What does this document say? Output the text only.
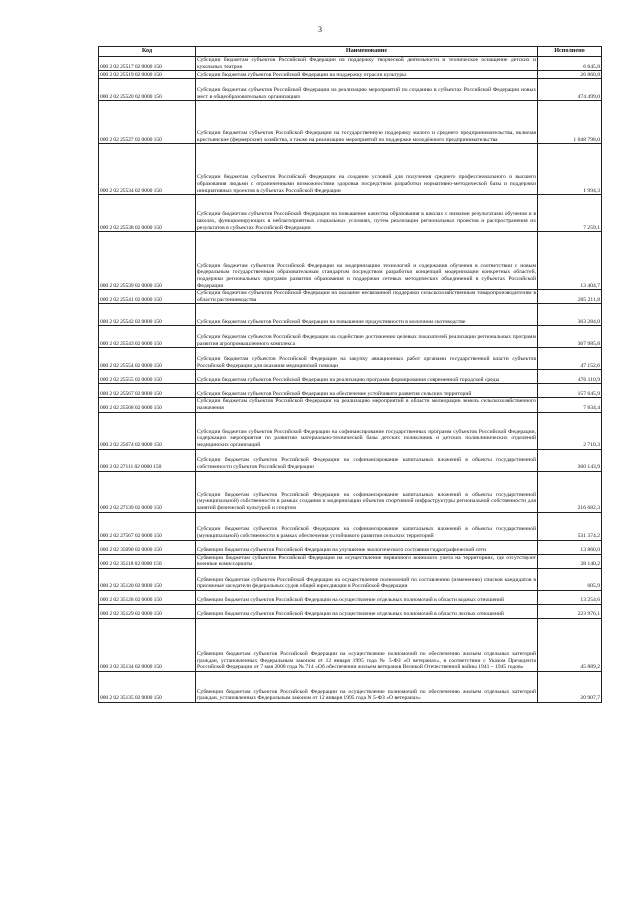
3
Код	Наименование	Исполнено
000 2 02 25517 02 0000 150	Субсидии бюджетам субъектов Российской Федерации на поддержку творческой деятельности и техническое оснащение детских и кукольных театров	6 645,8
000 2 02 25519 02 0000 150	Субсидии бюджетам субъектов Российской Федерации на поддержку отрасли культуры	26 860,8
000 2 02 25520 02 0000 150	Субсидии бюджетам субъектов Российской Федерации на реализацию мероприятий по созданию в субъектах Российской Федерации новых мест в общеобразовательных организациях	474 499,0
000 2 02 25527 02 0000 150	Субсидии бюджетам субъектов Российской Федерации на государственную поддержку малого и среднего предпринимательства, включая крестьянские (фермерские) хозяйства, а также на реализацию мероприятий по поддержке молодёжного предпринимательства	1 048 798,0
000 2 02 25534 02 0000 150	Субсидии бюджетам субъектов Российской Федерации на создание условий для получения среднего профессионального и высшего образования людьми с ограниченными возможностями здоровья посредством разработки нормативно-методической базы и поддержки инициативных проектов в субъектах Российской Федерации	1 994,3
000 2 02 25538 02 0000 150	Субсидии бюджетам субъектов Российской Федерации на повышение качества образования в школах с низкими результатами обучения и в школах, функционирующих в неблагоприятных социальных условиях, путем реализации региональных проектов и распространения их результатов в субъектах Российской Федерации	7 259,1
000 2 02 25539 02 0000 150	Субсидии бюджетам субъектов Российской Федерации на модернизацию технологий и содержания обучения в соответствии с новым федеральным государственным образовательным стандартом посредством разработки концепций модернизации конкретных областей, поддержки региональных программ развития образования и поддержки сетевых методических объединений в субъектах Российской Федерации	13 404,7
000 2 02 25541 02 0000 150	Субсидии бюджетам субъектов Российской Федерации на оказание несвязанной поддержки сельскохозяйственным товаропроизводителям в области растениеводства	205 211,8
000 2 02 25542 02 0000 150	Субсидии бюджетам субъектов Российской Федерации на повышение продуктивности в молочном скотоводстве	363 284,0
000 2 02 25543 02 0000 150	Субсидии бюджетам субъектов Российской Федерации на содействие достижению целевых показателей реализации региональных программ развития агропромышленного комплекса	367 985,8
000 2 02 25554 02 0000 150	Субсидии бюджетам субъектов Российской Федерации на закупку авиационных работ органами государственной власти субъектов Российской Федерации для оказания медицинской помощи	47 152,6
000 2 02 25555 02 0000 150	Субсидии бюджетам субъектов Российской Федерации на реализацию программ формирования современной городской среды	476 110,9
000 2 02 25567 02 0000 150	Субсидии бюджетам субъектов Российской Федерации на обеспечение устойчивого развития сельских территорий	157 645,9
000 2 02 25568 02 0000 150	Субсидии бюджетам субъектов Российской Федерации на реализацию мероприятий в области мелиорации земель сельскохозяйственного назначения	7 834,4
000 2 02 25674 02 0000 150	Субсидии бюджетам субъектов Российской Федерации на софинансирование государственных программ субъектов Российской Федерации, содержащих мероприятия по развитию материально-технической базы детских поликлиник и детских поликлинических отделений медицинских организаций	2 710,3
000 2 02 27111 02 0000 150	Субсидии бюджетам субъектов Российской Федерации на софинансирование капитальных вложений в объекты государственной собственности субъектов Российской Федерации	360 143,9
000 2 02 27139 02 0000 150	Субсидии бюджетам субъектов Российской Федерации на софинансирование капитальных вложений в объекты государственной (муниципальной) собственности в рамках создания и модернизации объектов спортивной инфраструктуры региональной собственности для занятий физической культурой и спортом	216 682,3
000 2 02 27567 02 0000 150	Субсидии бюджетам субъектов Российской Федерации на софинансирование капитальных вложений в объекты государственной (муниципальной) собственности в рамках обеспечения устойчивого развития сельских территорий	531 374,2
000 2 02 35090 02 0000 150	Субвенции бюджетам субъектов Российской Федерации на улучшение экологического состояния гидрографической сети	13 860,0
000 2 02 35118 02 0000 150	Субвенции бюджетам субъектов Российской Федерации на осуществление первичного воинского учета на территориях, где отсутствуют военные комиссариаты	38 140,2
000 2 02 35120 02 0000 150	Субвенции бюджетам субъектов Российской Федерации на осуществление полномочий по составлению (изменению) списков кандидатов в присяжные заседатели федеральных судов общей юрисдикции в Российской Федерации	605,9
000 2 02 35128 02 0000 150	Субвенции бюджетам субъектов Российской Федерации на осуществление отдельных полномочий в области водных отношений	13 254,6
000 2 02 35129 02 0000 150	Субвенции бюджетам субъектов Российской Федерации на осуществление отдельных полномочий в области лесных отношений	223 976,1
000 2 02 35134 02 0000 150	Субвенции бюджетам субъектов Российской Федерации на осуществление полномочий по обеспечению жильем отдельных категорий граждан, установленных Федеральным законом от 12 января 1995 года № 5-ФЗ «О ветеранах», в соответствии с Указом Президента Российской Федерации от 7 мая 2008 года № 714 «Об обеспечении жильем ветеранов Великой Отечественной войны 1941 – 1945 годов»	45 889,2
000 2 02 35135 02 0000 150	Субвенции бюджетам субъектов Российской Федерации на осуществление полномочий по обеспечению жильем отдельных категорий граждан, установленных Федеральным законом от 12 января 1995 года N 5-ФЗ «О ветеранах»	20 907,7
